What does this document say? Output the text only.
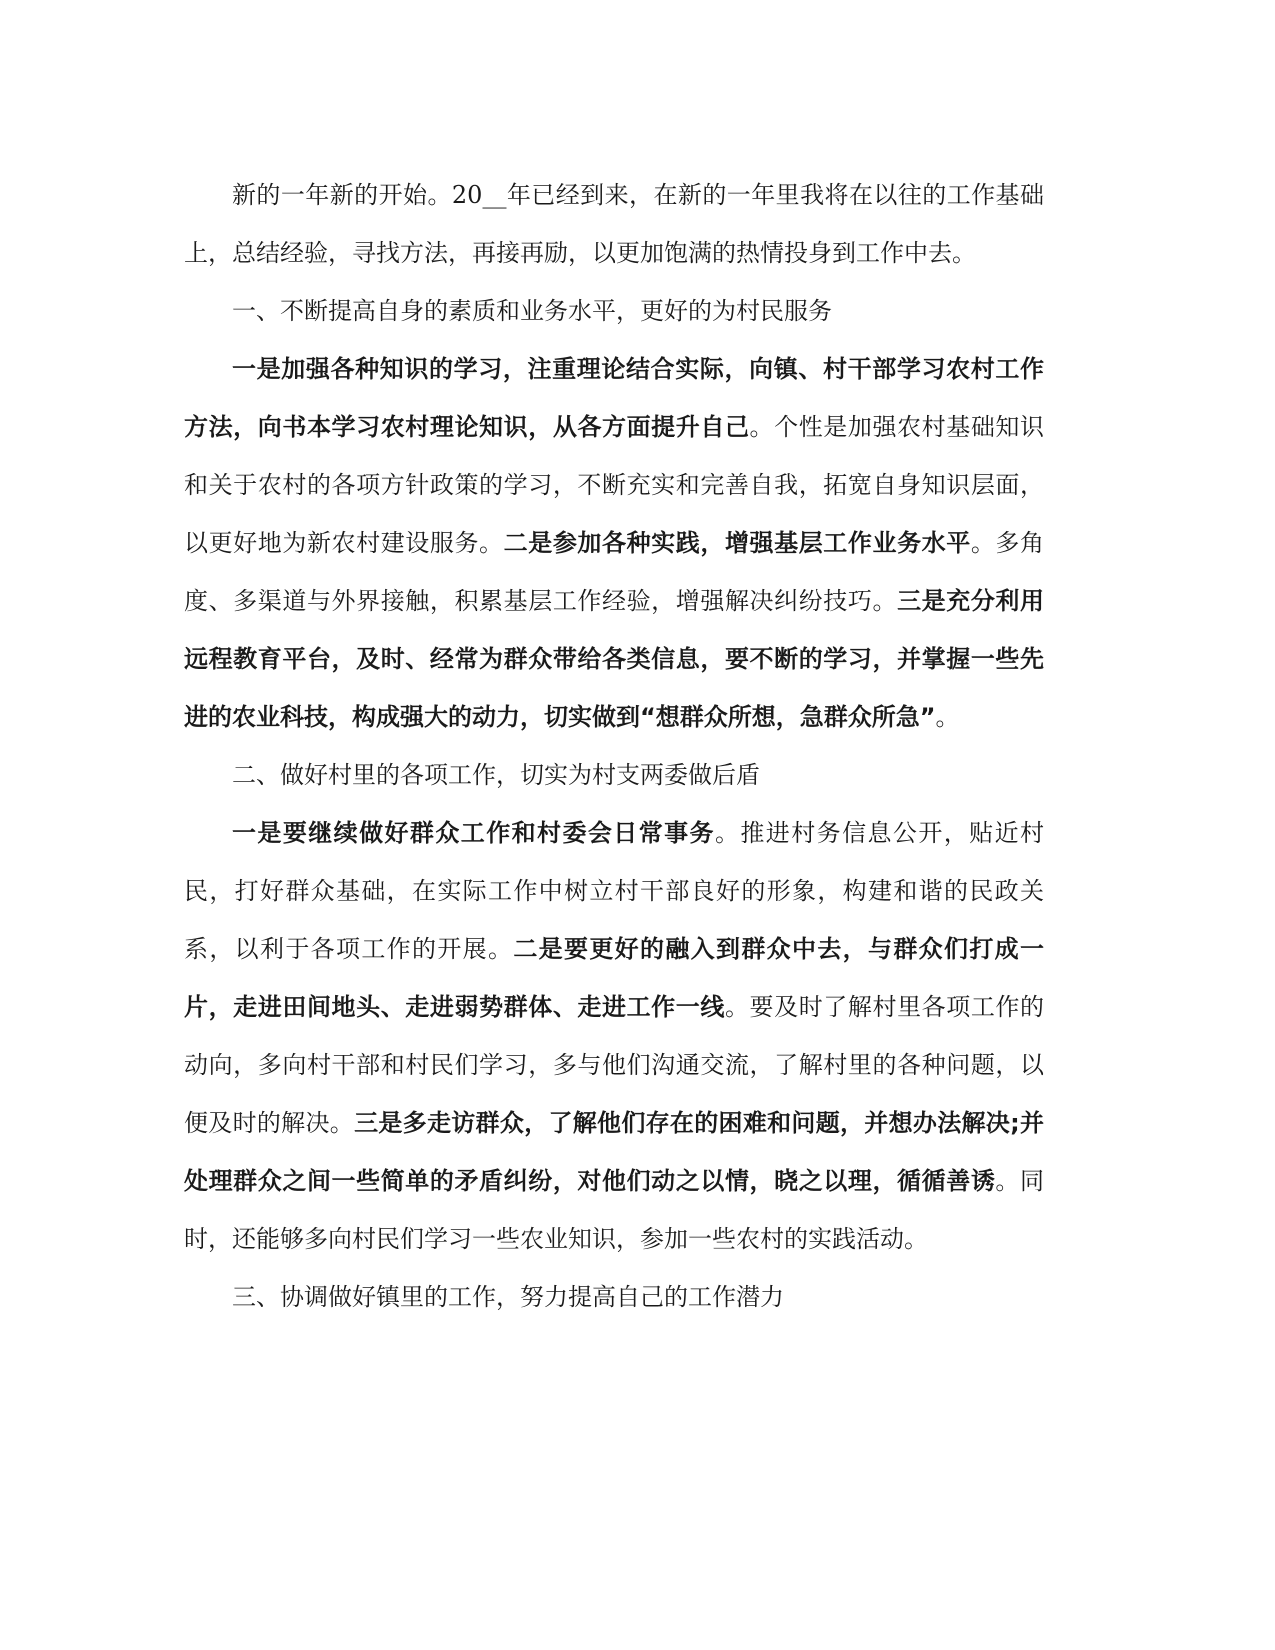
新的一年新的开始。20__年已经到来，在新的一年里我将在以往的工作基础上，总结经验，寻找方法，再接再励，以更加饱满的热情投身到工作中去。

一、不断提高自身的素质和业务水平，更好的为村民服务

一是加强各种知识的学习，注重理论结合实际，向镇、村干部学习农村工作方法，向书本学习农村理论知识，从各方面提升自己。个性是加强农村基础知识和关于农村的各项方针政策的学习，不断充实和完善自我，拓宽自身知识层面，以更好地为新农村建设服务。二是参加各种实践，增强基层工作业务水平。多角度、多渠道与外界接触，积累基层工作经验，增强解决纠纷技巧。三是充分利用远程教育平台，及时、经常为群众带给各类信息，要不断的学习，并掌握一些先进的农业科技，构成强大的动力，切实做到“想群众所想，急群众所急”。

二、做好村里的各项工作，切实为村支两委做后盾

一是要继续做好群众工作和村委会日常事务。推进村务信息公开，贴近村民，打好群众基础，在实际工作中树立村干部良好的形象，构建和谐的民政关系，以利于各项工作的开展。二是要更好的融入到群众中去，与群众们打成一片，走进田间地头、走进弱势群体、走进工作一线。要及时了解村里各项工作的动向，多向村干部和村民们学习，多与他们沟通交流，了解村里的各种问题，以便及时的解决。三是多走访群众，了解他们存在的困难和问题，并想办法解决;并处理群众之间一些简单的矛盾纠纷，对他们动之以情，晓之以理，循循善诱。同时，还能够多向村民们学习一些农业知识，参加一些农村的实践活动。

三、协调做好镇里的工作，努力提高自己的工作潜力
